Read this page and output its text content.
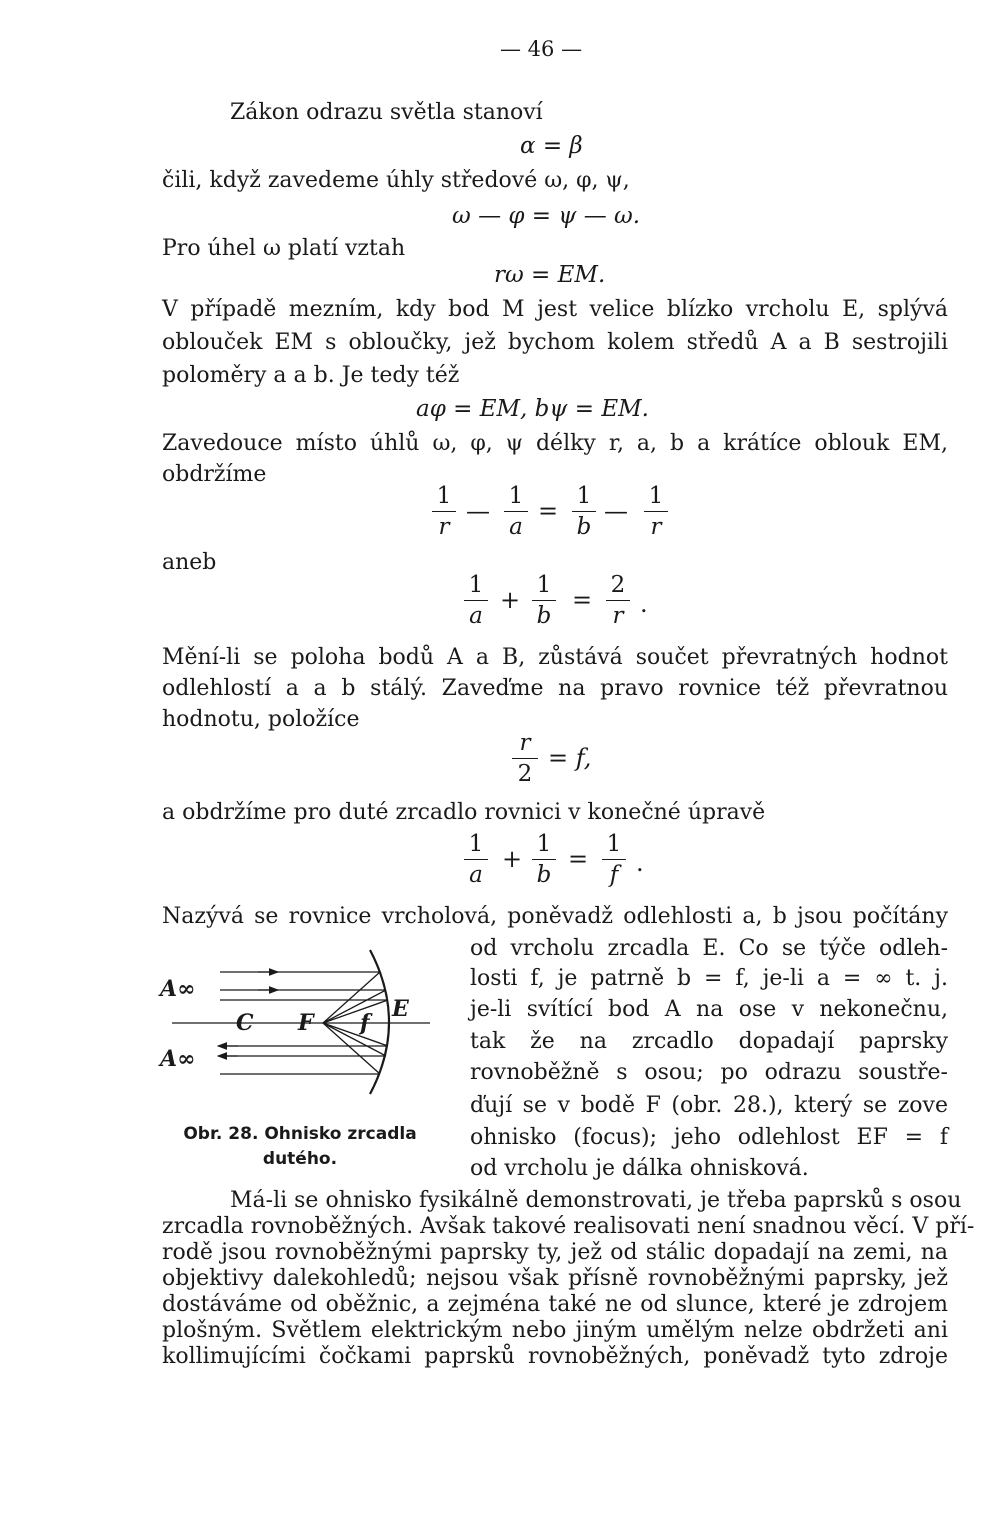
— 46 —
Zákon odrazu světla stanoví
α = β
čili, když zavedeme úhly středové ω, φ, ψ,
ω — φ = ψ — ω.
Pro úhel ω platí vztah
rω = EM.
V případě mezním, kdy bod M jest velice blízko vrcholu E, splývá
oblouček EM s obloučky, jež bychom kolem středů A a B sestrojili
poloměry a a b. Je tedy též
aφ = EM, bψ = EM.
Zavedouce místo úhlů ω, φ, ψ délky r, a, b a krátíce oblouk EM,
obdržíme
1
r
—
1
a
=
1
b
—
1
r
aneb
1
a
+
1
b
=
2
r .
Mění-li se poloha bodů A a B, zůstává součet převratných hodnot
odlehlostí a a b stálý. Zaveďme na pravo rovnice též převratnou
hodnotu, položíce
r
2
= f,
a obdržíme pro duté zrcadlo rovnici v konečné úpravě
1
a
+
1
b
=
1
f .
Nazývá se rovnice vrcholová, poněvadž odlehlosti a, b jsou počítány
od vrcholu zrcadla E. Co se týče odleh-
losti f, je patrně b = f, je-li a = ∞ t. j.
je-li svítící bod A na ose v nekonečnu,
tak že na zrcadlo dopadají paprsky
rovnoběžně s osou; po odrazu soustře-
ďují se v bodě F (obr. 28.), který se zove
ohnisko (focus); jeho odlehlost EF = f
od vrcholu je dálka ohnisková.
A∞
A∞
C F f
E
Obr. 28. Ohnisko zrcadla
dutého.
Má-li se ohnisko fysikálně demonstrovati, je třeba paprsků s osou
zrcadla rovnoběžných. Avšak takové realisovati není snadnou věcí. V pří-
rodě jsou rovnoběžnými paprsky ty, jež od stálic dopadají na zemi, na
objektivy dalekohledů; nejsou však přísně rovnoběžnými paprsky, jež
dostáváme od oběžnic, a zejména také ne od slunce, které je zdrojem
plošným. Světlem elektrickým nebo jiným umělým nelze obdržeti ani
kollimujícími čočkami paprsků rovnoběžných, poněvadž tyto zdroje
